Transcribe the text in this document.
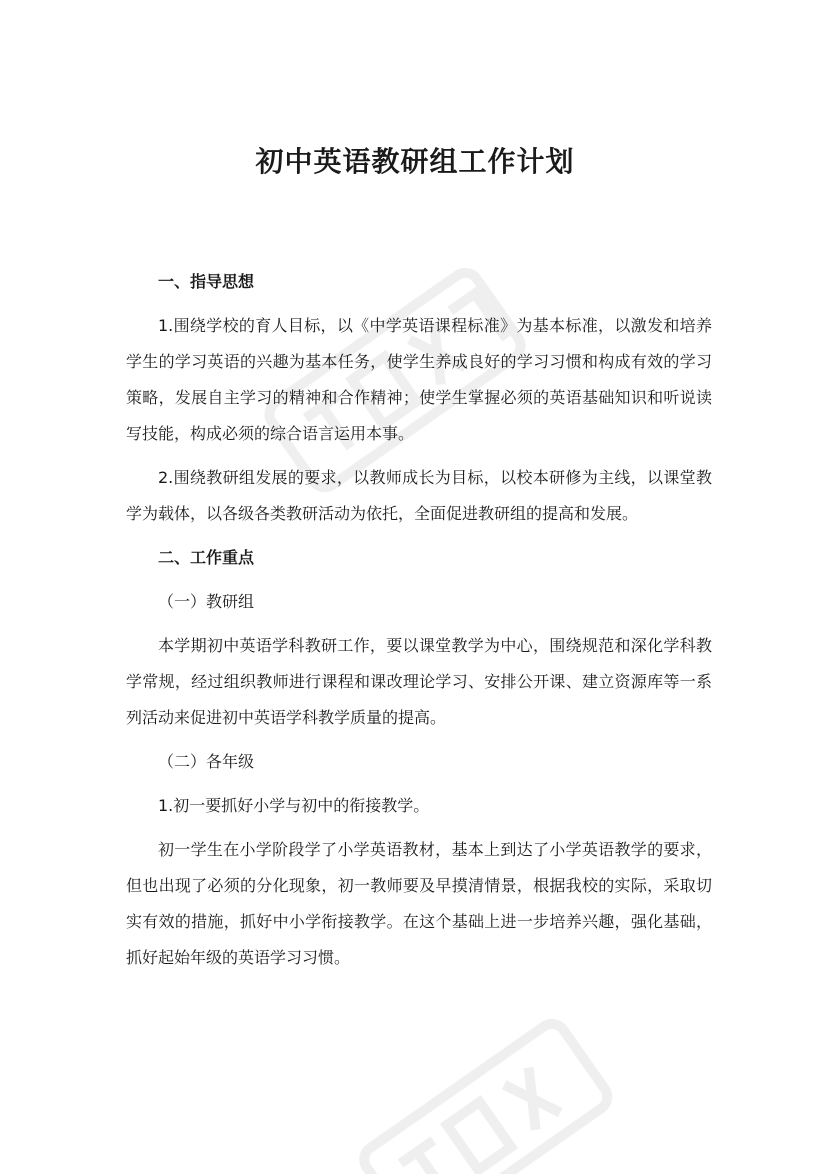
初中英语教研组工作计划
一、指导思想
1.围绕学校的育人目标，以《中学英语课程标准》为基本标准，以激发和培养学生的学习英语的兴趣为基本任务，使学生养成良好的学习习惯和构成有效的学习策略，发展自主学习的精神和合作精神；使学生掌握必须的英语基础知识和听说读写技能，构成必须的综合语言运用本事。
2.围绕教研组发展的要求，以教师成长为目标，以校本研修为主线，以课堂教学为载体，以各级各类教研活动为依托，全面促进教研组的提高和发展。
二、工作重点
（一）教研组
本学期初中英语学科教研工作，要以课堂教学为中心，围绕规范和深化学科教学常规，经过组织教师进行课程和课改理论学习、安排公开课、建立资源库等一系列活动来促进初中英语学科教学质量的提高。
（二）各年级
1.初一要抓好小学与初中的衔接教学。
初一学生在小学阶段学了小学英语教材，基本上到达了小学英语教学的要求，但也出现了必须的分化现象，初一教师要及早摸清情景，根据我校的实际，采取切实有效的措施，抓好中小学衔接教学。在这个基础上进一步培养兴趣，强化基础，抓好起始年级的英语学习习惯。
